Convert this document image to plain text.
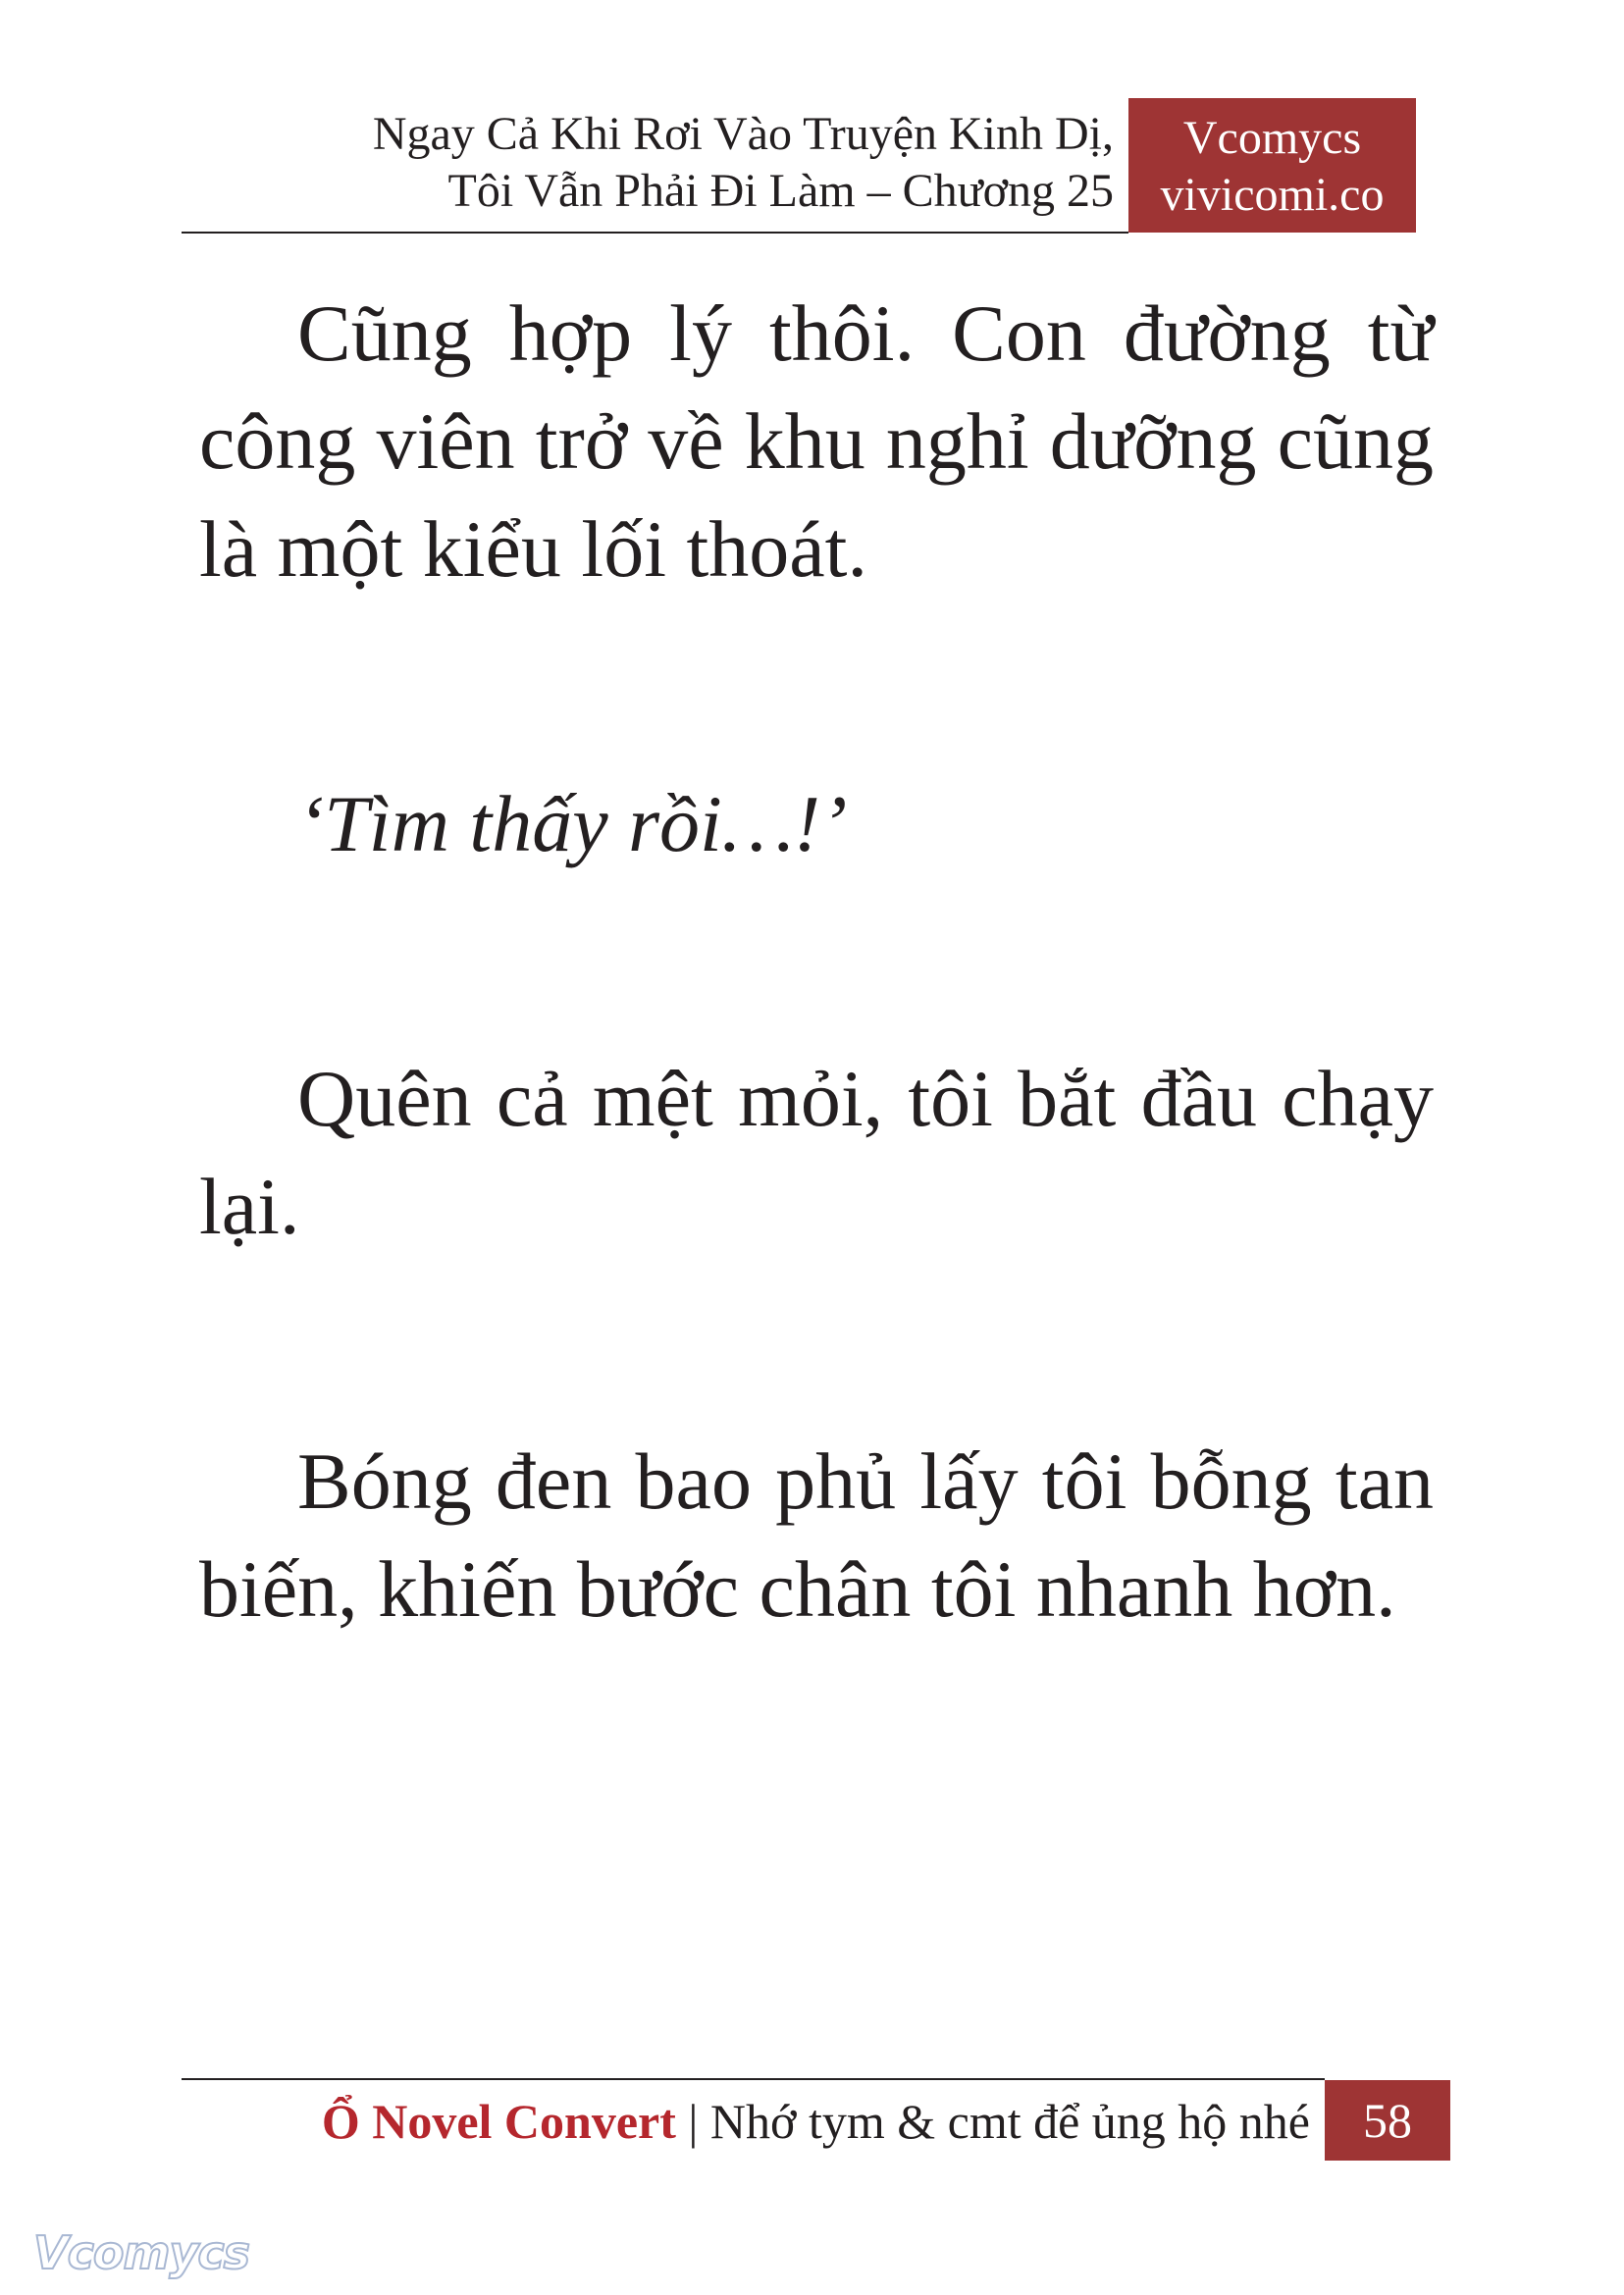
Ngay Cả Khi Rơi Vào Truyện Kinh Dị,
Tôi Vẫn Phải Đi Làm – Chương 25
Vcomycs
vivicomi.co

Cũng hợp lý thôi. Con đường từ công viên trở về khu nghỉ dưỡng cũng là một kiểu lối thoát.

‘Tìm thấy rồi…!’

Quên cả mệt mỏi, tôi bắt đầu chạy lại.

Bóng đen bao phủ lấy tôi bỗng tan biến, khiến bước chân tôi nhanh hơn.

Ổ Novel Convert | Nhớ tym & cmt để ủng hộ nhé	58
Vcomycs
